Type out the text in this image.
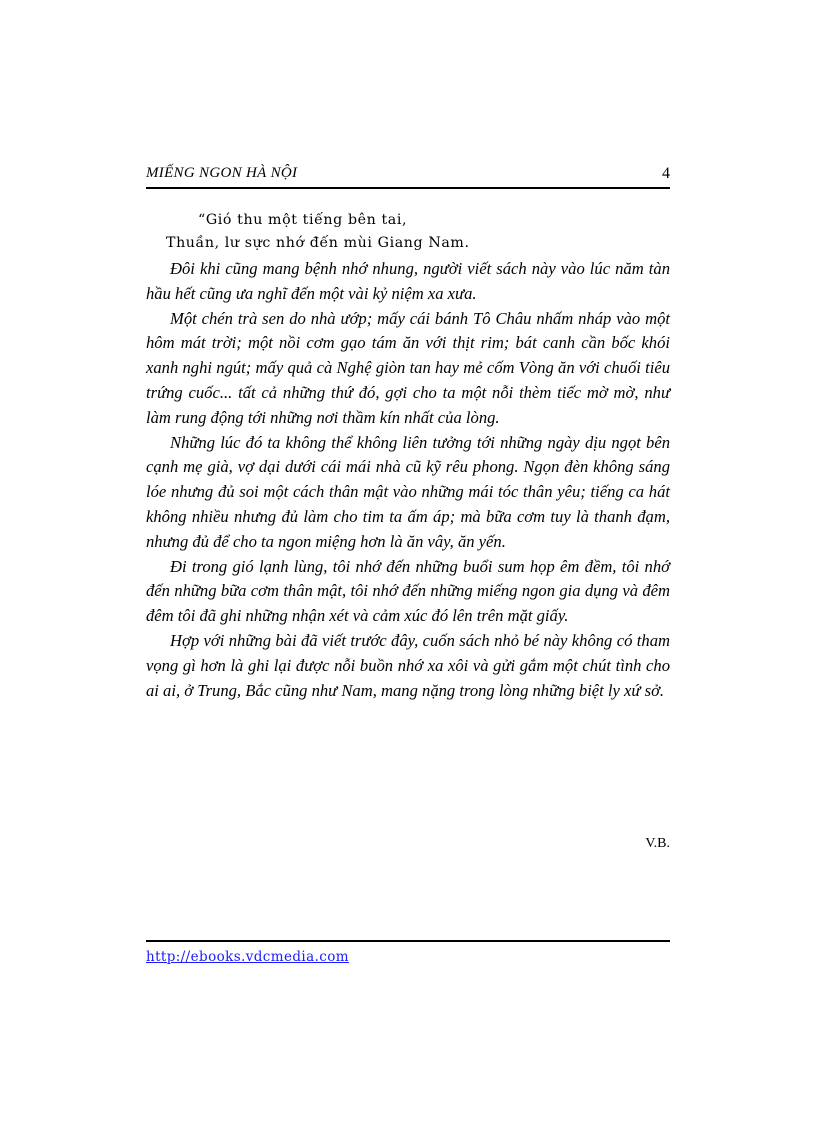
MIẾNG NGON HÀ NỘI	4
“Gió thu một tiếng bên tai,
Thuần, lư sực nhớ đến mùi Giang Nam.

Đôi khi cũng mang bệnh nhớ nhung, người viết sách này vào lúc năm tàn hầu hết cũng ưa nghĩ đến một vài kỷ niệm xa xưa.

Một chén trà sen do nhà ướp; mấy cái bánh Tô Châu nhấm nháp vào một hôm mát trời; một nồi cơm gạo tám ăn với thịt rim; bát canh cần bốc khói xanh nghi ngút; mấy quả cà Nghệ giòn tan hay mẻ cốm Vòng ăn với chuối tiêu trứng cuốc... tất cả những thứ đó, gợi cho ta một nỗi thèm tiếc mờ mờ, như làm rung động tới những nơi thầm kín nhất của lòng.

Những lúc đó ta không thể không liên tưởng tới những ngày dịu ngọt bên cạnh mẹ già, vợ dại dưới cái mái nhà cũ kỹ rêu phong. Ngọn đèn không sáng lóe nhưng đủ soi một cách thân mật vào những mái tóc thân yêu; tiếng ca hát không nhiều nhưng đủ làm cho tim ta ấm áp; mà bữa cơm tuy là thanh đạm, nhưng đủ để cho ta ngon miệng hơn là ăn vây, ăn yến.

Đi trong gió lạnh lùng, tôi nhớ đến những buổi sum họp êm đềm, tôi nhớ đến những bữa cơm thân mật, tôi nhớ đến những miếng ngon gia dụng và đêm đêm tôi đã ghi những nhận xét và cảm xúc đó lên trên mặt giấy.

Hợp với những bài đã viết trước đây, cuốn sách nhỏ bé này không có tham vọng gì hơn là ghi lại được nỗi buồn nhớ xa xôi và gửi gắm một chút tình cho ai ai, ở Trung, Bắc cũng như Nam, mang nặng trong lòng những biệt ly xứ sở.

V.B.
http://ebooks.vdcmedia.com
